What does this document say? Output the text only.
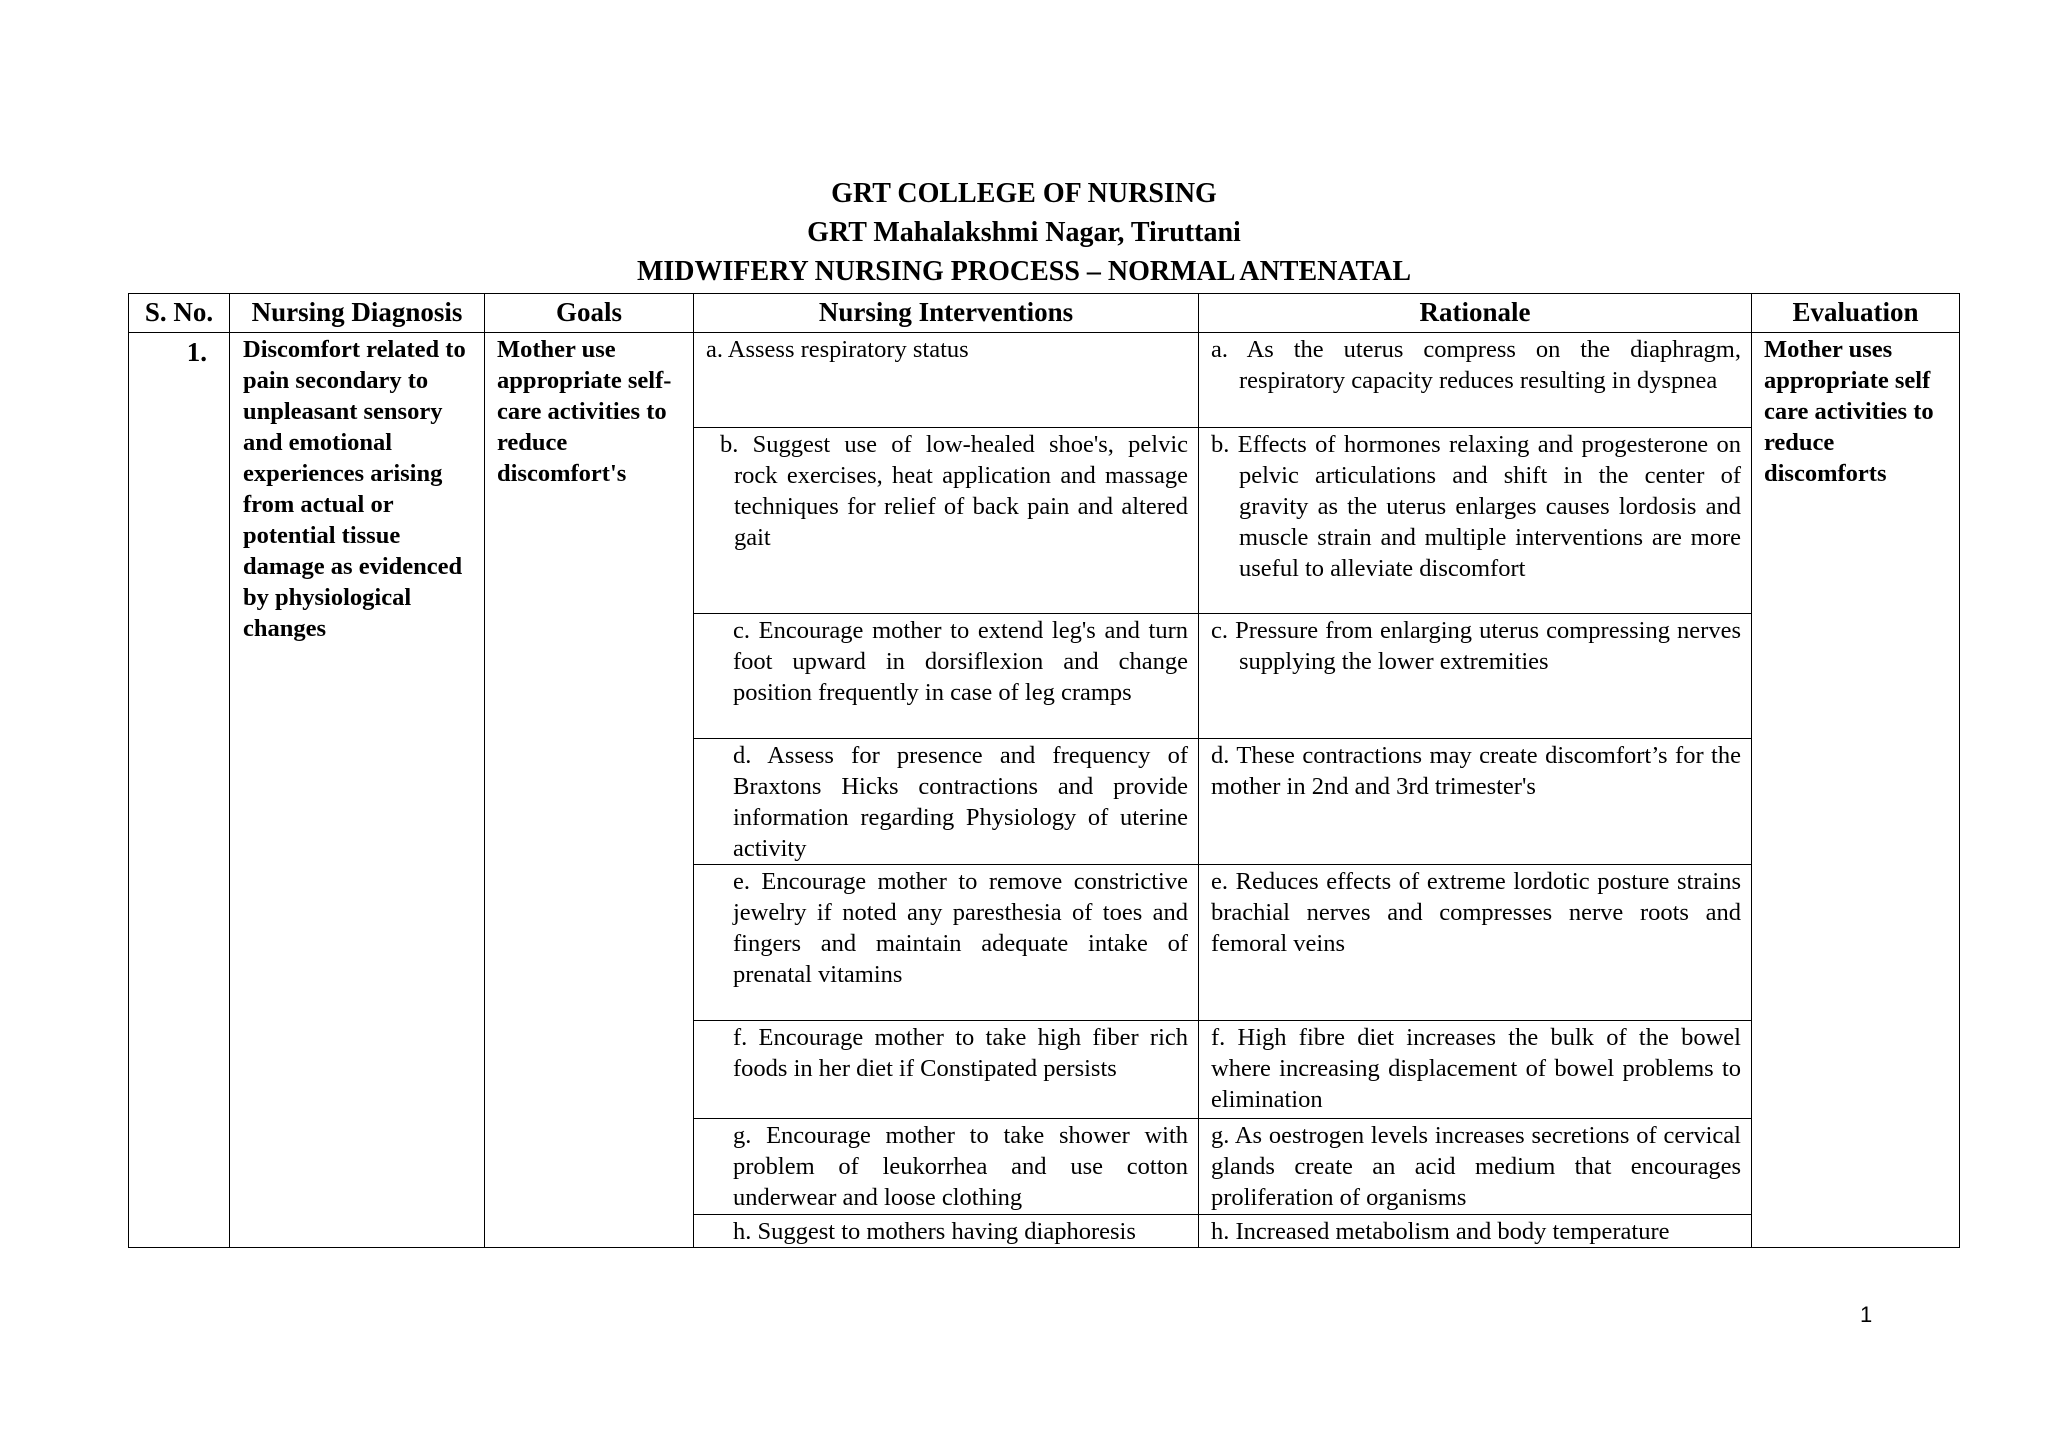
GRT COLLEGE OF NURSING
GRT Mahalakshmi Nagar, Tiruttani
MIDWIFERY NURSING PROCESS – NORMAL ANTENATAL
S. No.	Nursing Diagnosis	Goals	Nursing Interventions	Rationale	Evaluation
1.	Discomfort related to pain secondary to unpleasant sensory and emotional experiences arising from actual or potential tissue damage as evidenced by physiological changes	Mother use appropriate self-care activities to reduce discomfort's	a. Assess respiratory status	a. As the uterus compress on the diaphragm, respiratory capacity reduces resulting in dyspnea	Mother uses appropriate self care activities to reduce discomforts

			b. Suggest use of low-healed shoe's, pelvic rock exercises, heat application and massage techniques for relief of back pain and altered gait	b. Effects of hormones relaxing and progesterone on pelvic articulations and shift in the center of gravity as the uterus enlarges causes lordosis and muscle strain and multiple interventions are more useful to alleviate discomfort	

			c. Encourage mother to extend leg's and turn foot upward in dorsiflexion and change position frequently in case of leg cramps	c. Pressure from enlarging uterus compressing nerves supplying the lower extremities	

			d. Assess for presence and frequency of Braxtons Hicks contractions and provide information regarding Physiology of uterine activity	d. These contractions may create discomfort’s for the mother in 2nd and 3rd trimester's	

			e. Encourage mother to remove constrictive jewelry if noted any paresthesia of toes and fingers and maintain adequate intake of prenatal vitamins	e. Reduces effects of extreme lordotic posture strains brachial nerves and compresses nerve roots and femoral veins	

			f. Encourage mother to take high fiber rich foods in her diet if Constipated persists	f. High fibre diet increases the bulk of the bowel where increasing displacement of bowel problems to elimination	

			g. Encourage mother to take shower with problem of leukorrhea and use cotton underwear and loose clothing	g. As oestrogen levels increases secretions of cervical glands create an acid medium that encourages proliferation of organisms	

			h. Suggest to mothers having diaphoresis	h. Increased metabolism and body temperature	
1
